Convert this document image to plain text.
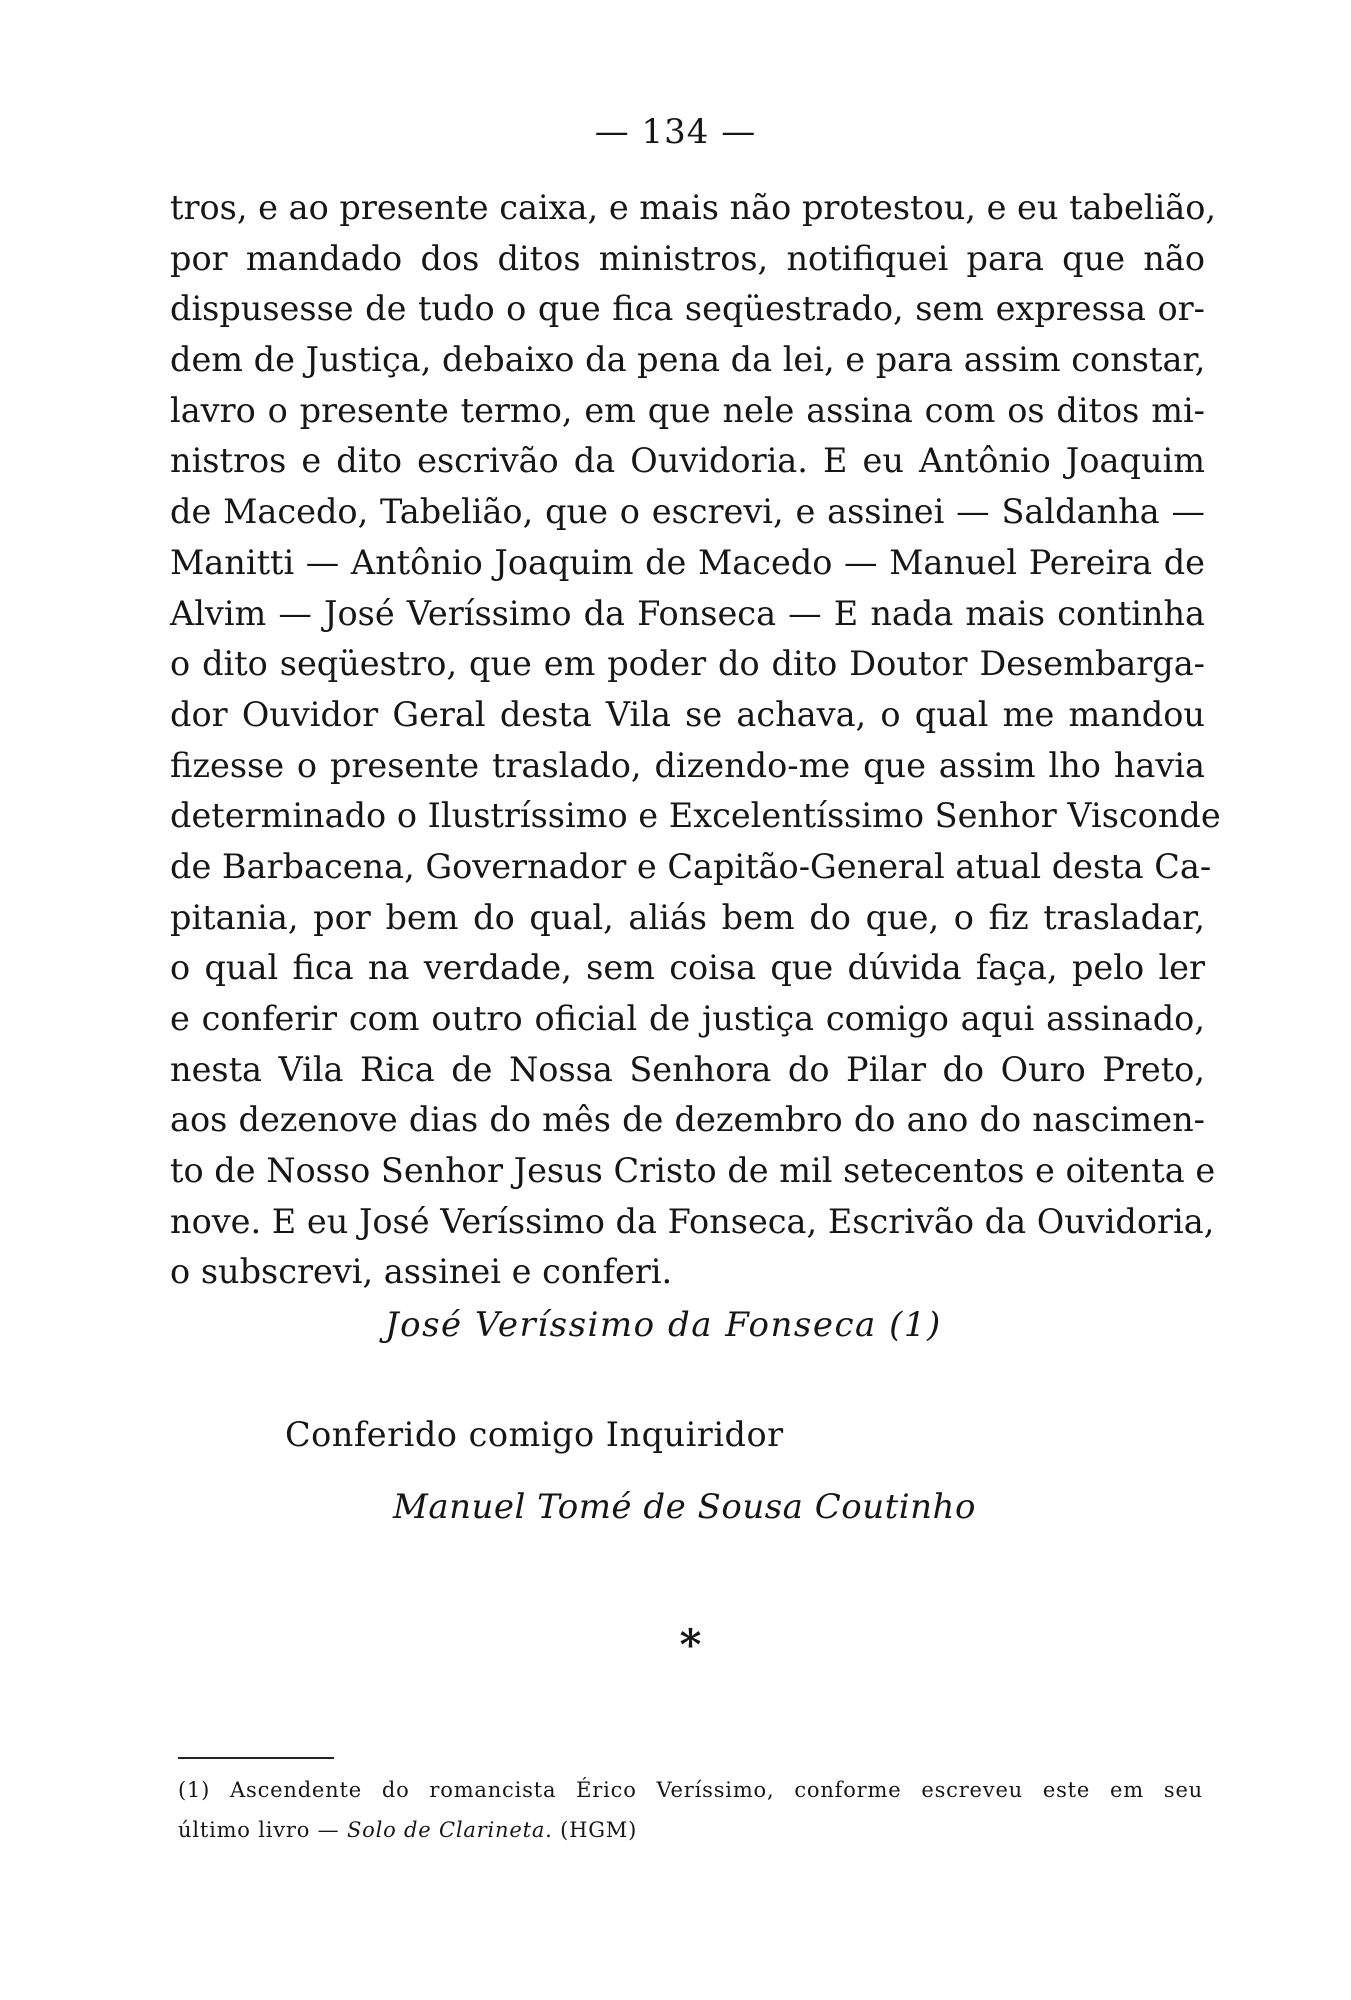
— 134 —
tros, e ao presente caixa, e mais não protestou, e eu tabelião,
por mandado dos ditos ministros, notifiquei para que não
dispusesse de tudo o que fica seqüestrado, sem expressa or-
dem de Justiça, debaixo da pena da lei, e para assim constar,
lavro o presente termo, em que nele assina com os ditos mi-
nistros e dito escrivão da Ouvidoria. E eu Antônio Joaquim
de Macedo, Tabelião, que o escrevi, e assinei — Saldanha —
Manitti — Antônio Joaquim de Macedo — Manuel Pereira de
Alvim — José Veríssimo da Fonseca — E nada mais continha
o dito seqüestro, que em poder do dito Doutor Desembarga-
dor Ouvidor Geral desta Vila se achava, o qual me mandou
fizesse o presente traslado, dizendo-me que assim lho havia
determinado o Ilustríssimo e Excelentíssimo Senhor Visconde
de Barbacena, Governador e Capitão-General atual desta Ca-
pitania, por bem do qual, aliás bem do que, o fiz trasladar,
o qual fica na verdade, sem coisa que dúvida faça, pelo ler
e conferir com outro oficial de justiça comigo aqui assinado,
nesta Vila Rica de Nossa Senhora do Pilar do Ouro Preto,
aos dezenove dias do mês de dezembro do ano do nascimen-
to de Nosso Senhor Jesus Cristo de mil setecentos e oitenta e
nove. E eu José Veríssimo da Fonseca, Escrivão da Ouvidoria,
o subscrevi, assinei e conferi.
José Veríssimo da Fonseca (1)
Conferido comigo Inquiridor
Manuel Tomé de Sousa Coutinho
*
(1) Ascendente do romancista Érico Veríssimo, conforme escreveu este em seu
último livro — Solo de Clarineta. (HGM)
